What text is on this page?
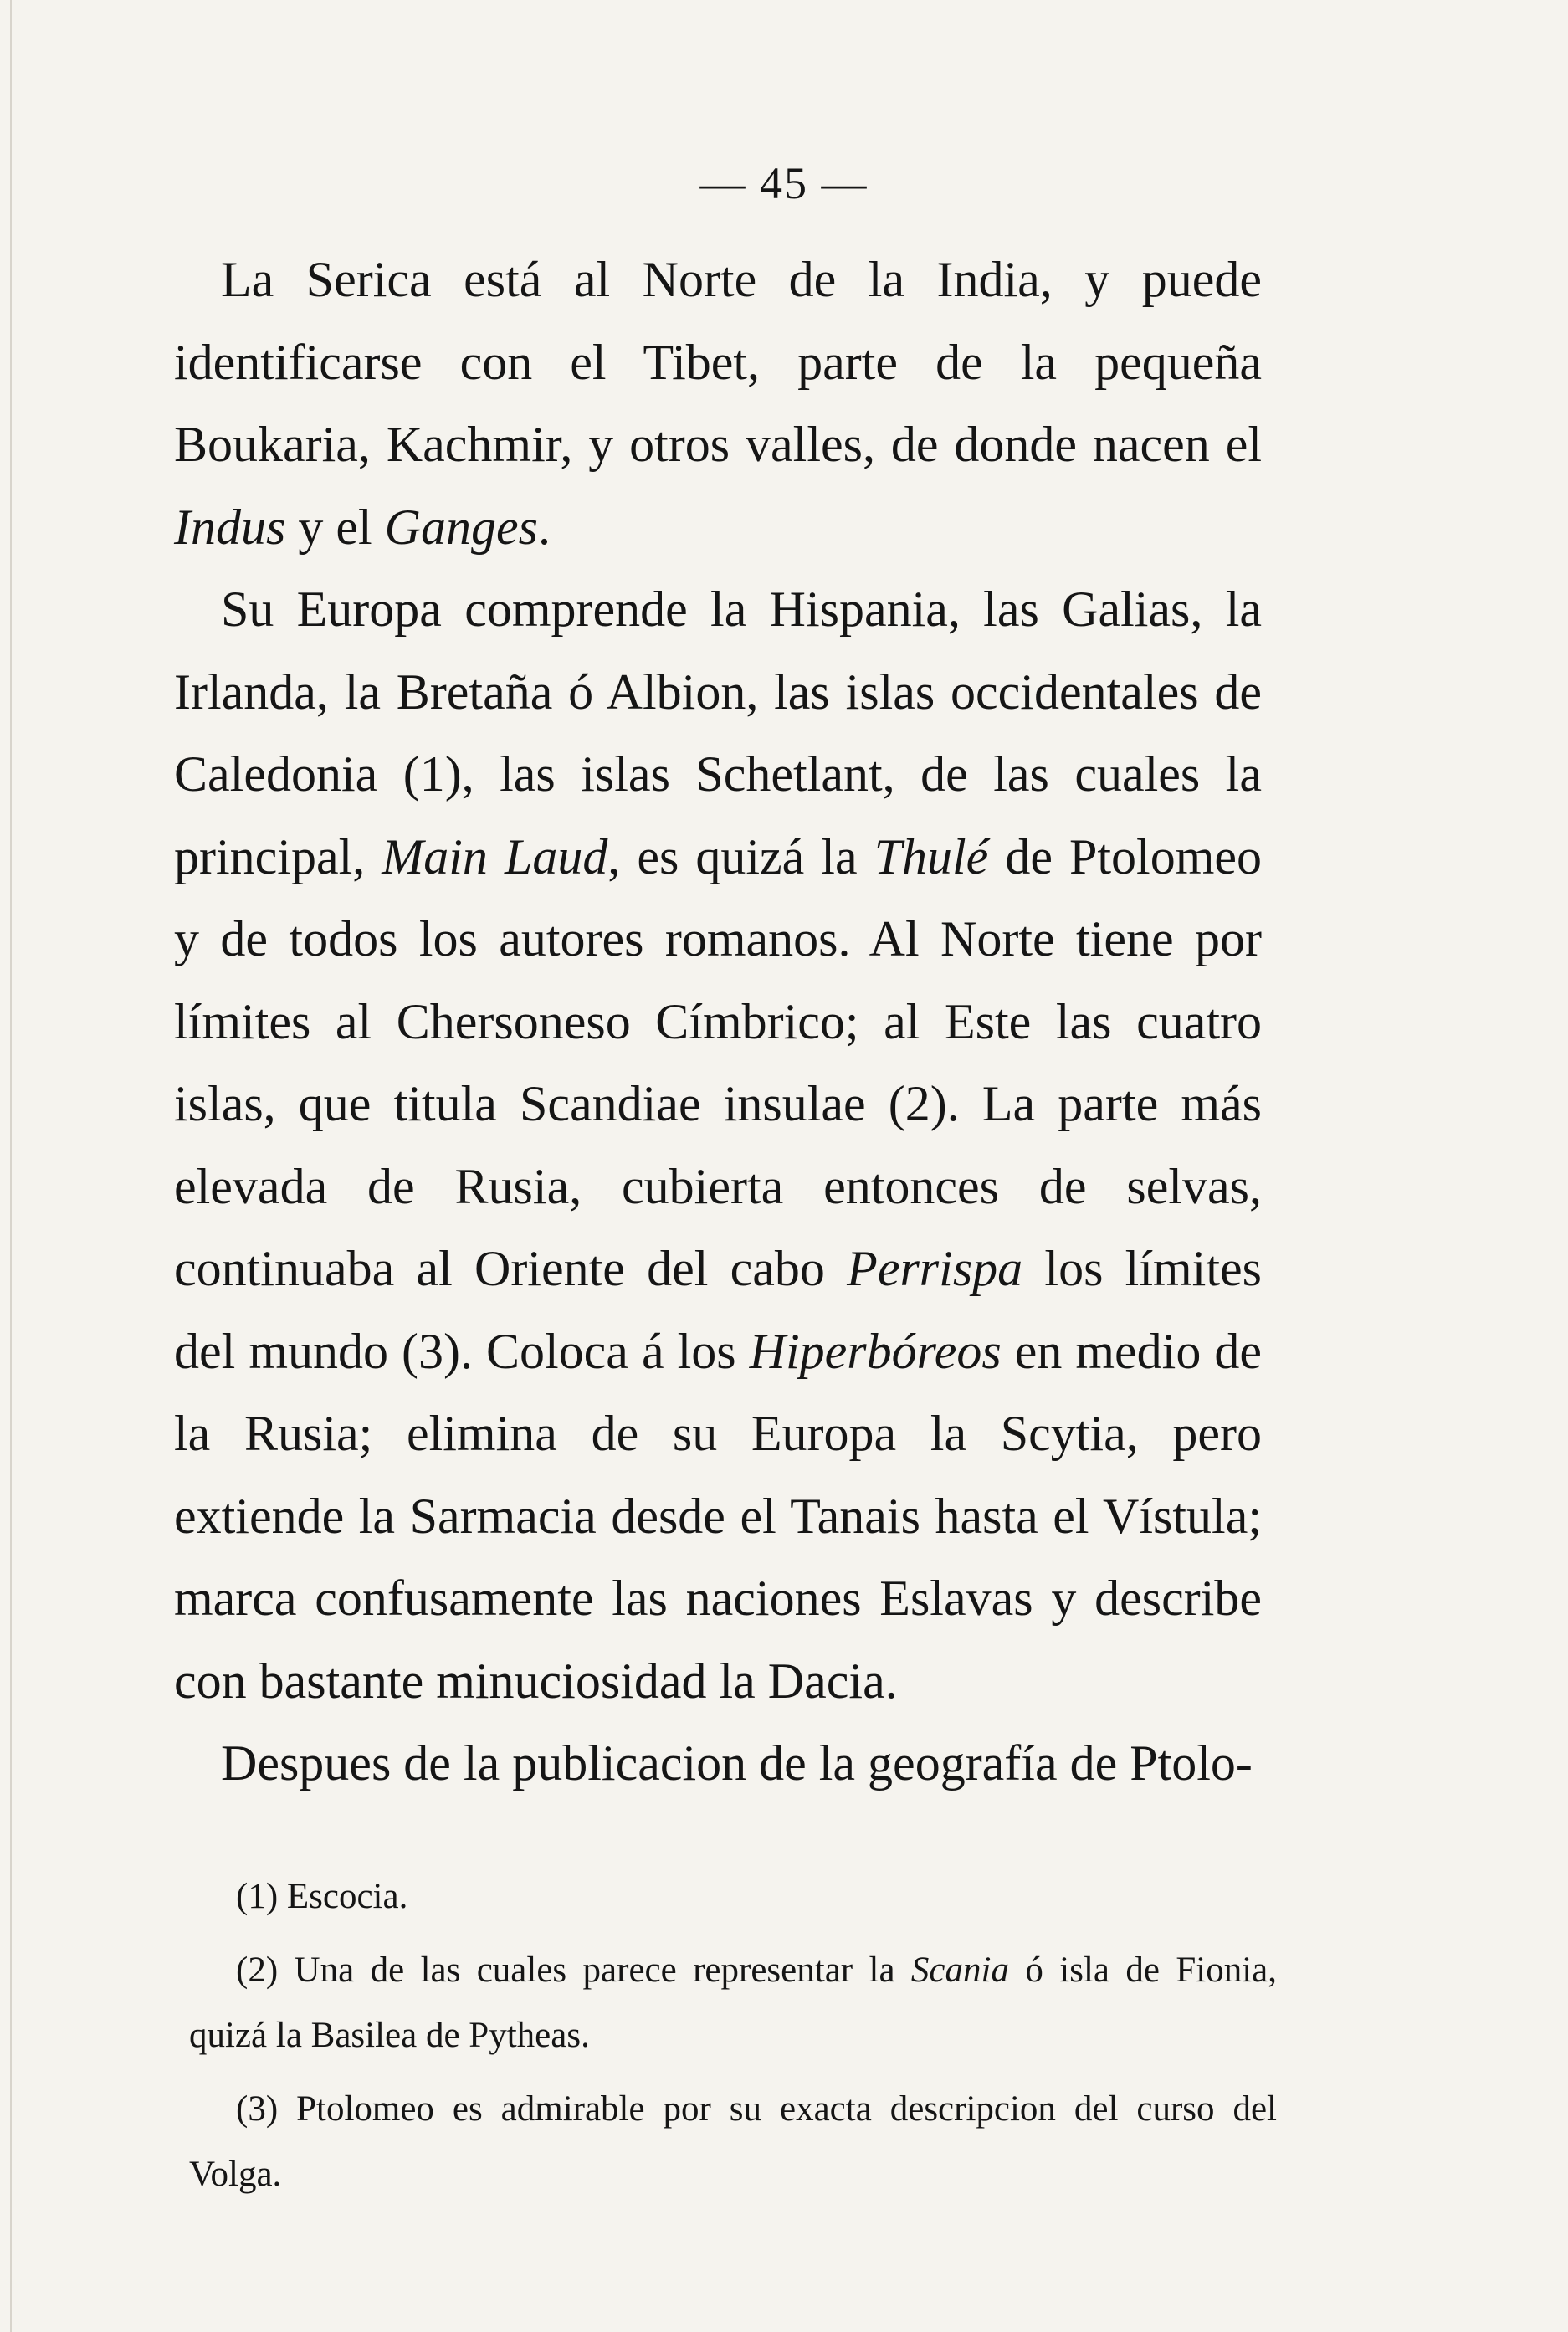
— 45 —

La Serica está al Norte de la India, y puede identificarse con el Tibet, parte de la pequeña Boukaria, Kachmir, y otros valles, de donde nacen el Indus y el Ganges.

Su Europa comprende la Hispania, las Galias, la Irlanda, la Bretaña ó Albion, las islas occidentales de Caledonia (1), las islas Schetlant, de las cuales la principal, Main Laud, es quizá la Thulé de Ptolomeo y de todos los autores romanos. Al Norte tiene por límites al Chersoneso Címbrico; al Este las cuatro islas, que titula Scandiae insulae (2). La parte más elevada de Rusia, cubierta entonces de selvas, continuaba al Oriente del cabo Perrispa los límites del mundo (3). Coloca á los Hiperbóreos en medio de la Rusia; elimina de su Europa la Scytia, pero extiende la Sarmacia desde el Tanais hasta el Vístula; marca confusamente las naciones Eslavas y describe con bastante minuciosidad la Dacia.

Despues de la publicacion de la geografía de Ptolo-

(1) Escocia.

(2) Una de las cuales parece representar la Scania ó isla de Fionia, quizá la Basilea de Pytheas.

(3) Ptolomeo es admirable por su exacta descripcion del curso del Volga.
